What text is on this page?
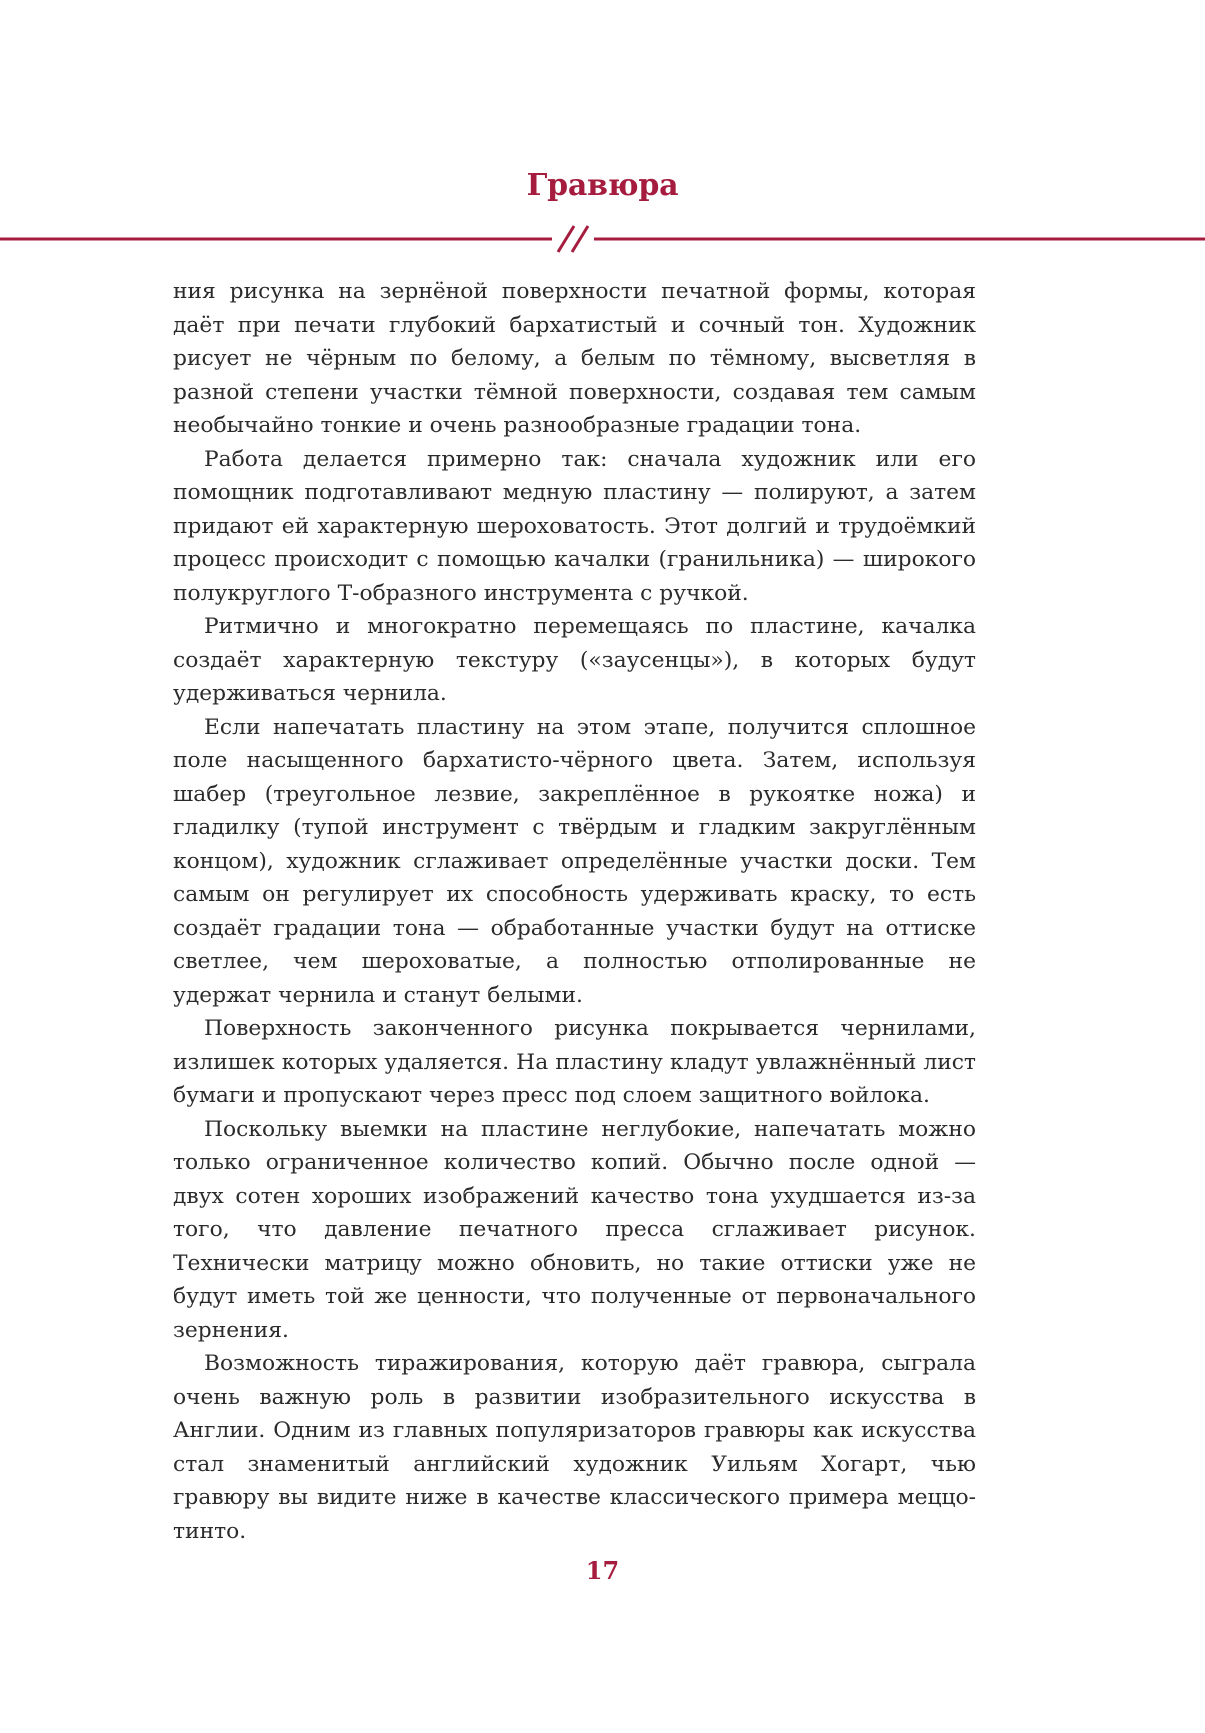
Гравюра

ния рисунка на зернёной поверхности печатной формы, которая даёт при печати глубокий бархатистый и сочный тон. Художник рисует не чёрным по белому, а белым по тёмному, высветляя в разной степени участки тёмной поверхности, создавая тем самым необычайно тонкие и очень разнообразные градации тона.

Работа делается примерно так: сначала художник или его помощник подготавливают медную пластину — полируют, а затем придают ей характерную шероховатость. Этот долгий и трудоёмкий процесс происходит с помощью качалки (гранильника) — широкого полукруглого Т-образного инструмента с ручкой.

Ритмично и многократно перемещаясь по пластине, качалка создаёт характерную текстуру («заусенцы»), в которых будут удерживаться чернила.

Если напечатать пластину на этом этапе, получится сплошное поле насыщенного бархатисто-чёрного цвета. Затем, используя шабер (треугольное лезвие, закреплённое в рукоятке ножа) и гладилку (тупой инструмент с твёрдым и гладким закруглённым концом), художник сглаживает определённые участки доски. Тем самым он регулирует их способность удерживать краску, то есть создаёт градации тона — обработанные участки будут на оттиске светлее, чем шероховатые, а полностью отполированные не удержат чернила и станут белыми.

Поверхность законченного рисунка покрывается чернилами, излишек которых удаляется. На пластину кладут увлажнённый лист бумаги и пропускают через пресс под слоем защитного войлока.

Поскольку выемки на пластине неглубокие, напечатать можно только ограниченное количество копий. Обычно после одной — двух сотен хороших изображений качество тона ухудшается из-за того, что давление печатного пресса сглаживает рисунок. Технически матрицу можно обновить, но такие оттиски уже не будут иметь той же ценности, что полученные от первоначального зернения.

Возможность тиражирования, которую даёт гравюра, сыграла очень важную роль в развитии изобразительного искусства в Англии. Одним из главных популяризаторов гравюры как искусства стал знаменитый английский художник Уильям Хогарт, чью гравюру вы видите ниже в качестве классического примера меццо-тинто.

17
